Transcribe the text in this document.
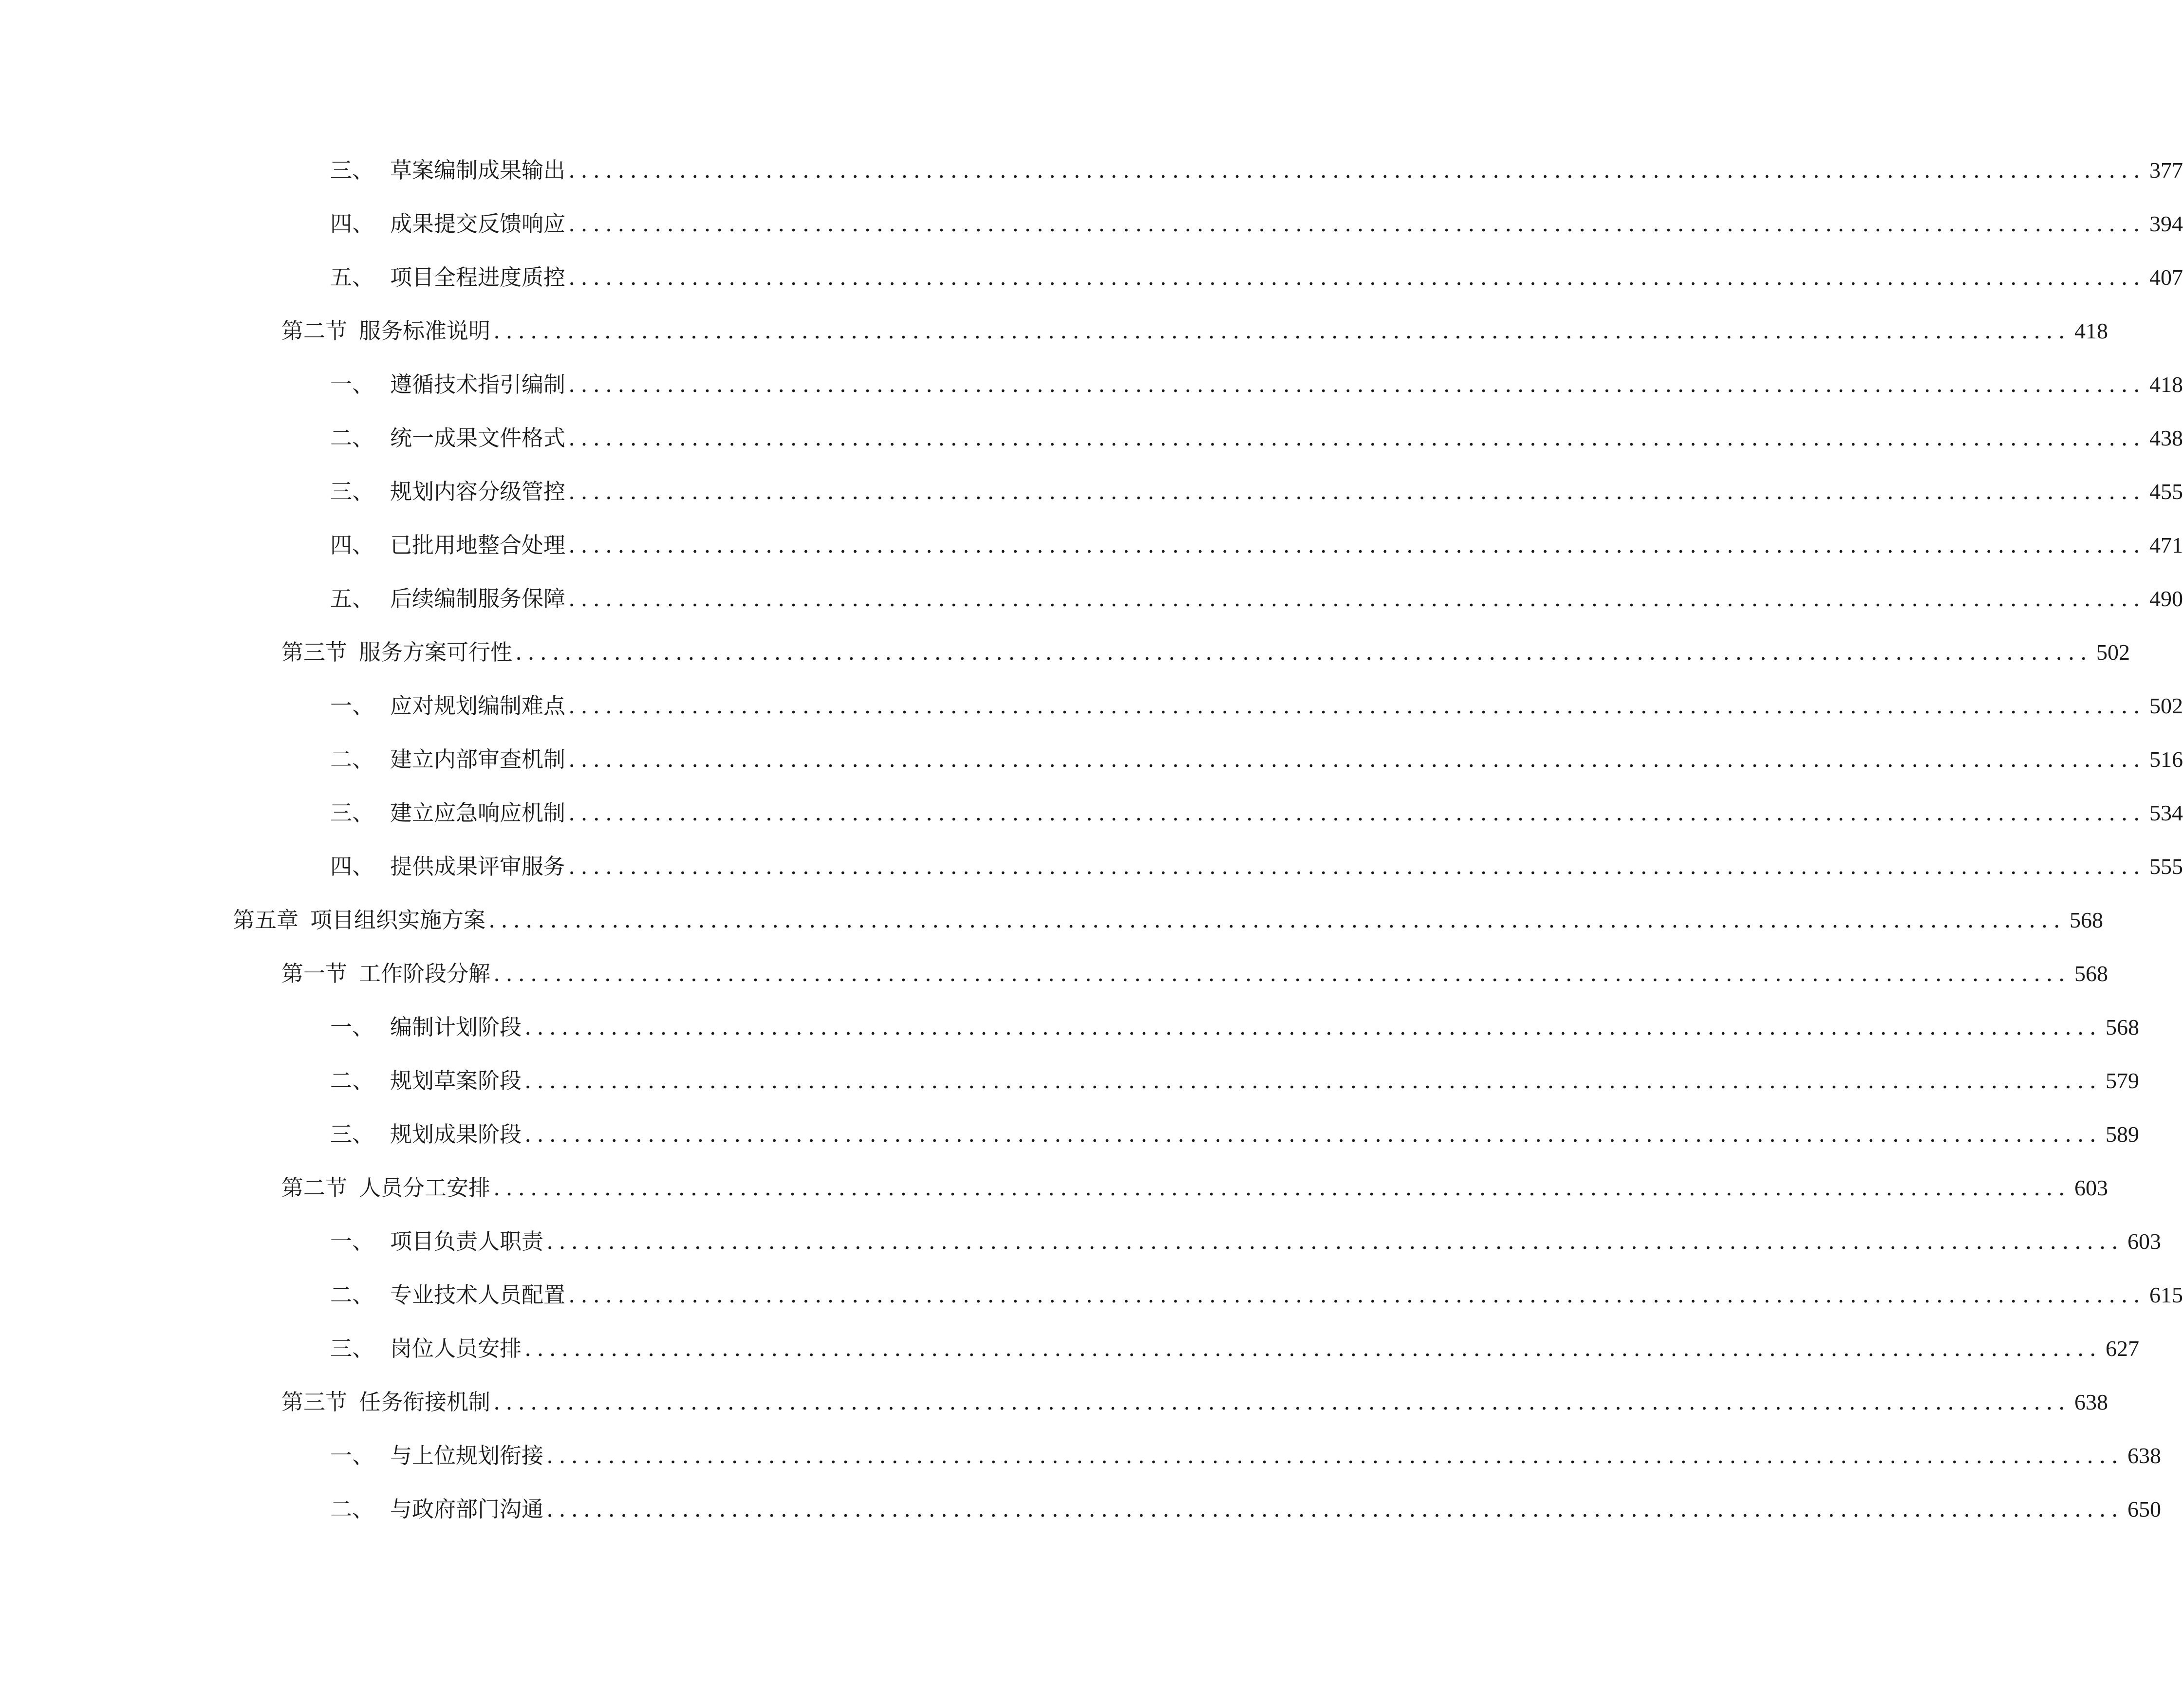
三、 草案编制成果输出 ................................................................................................................................ 377
四、 成果提交反馈响应 ................................................................................................................................ 394
五、 项目全程进度质控 ................................................................................................................................ 407
第二节 服务标准说明 ................................................................................................................................ 418
一、 遵循技术指引编制 ................................................................................................................................ 418
二、 统一成果文件格式 ................................................................................................................................ 438
三、 规划内容分级管控 ................................................................................................................................ 455
四、 已批用地整合处理 ................................................................................................................................ 471
五、 后续编制服务保障 ................................................................................................................................ 490
第三节 服务方案可行性 ................................................................................................................................ 502
一、 应对规划编制难点 ................................................................................................................................ 502
二、 建立内部审查机制 ................................................................................................................................ 516
三、 建立应急响应机制 ................................................................................................................................ 534
四、 提供成果评审服务 ................................................................................................................................ 555
第五章 项目组织实施方案 ................................................................................................................................ 568
第一节 工作阶段分解 ................................................................................................................................ 568
一、 编制计划阶段 ................................................................................................................................ 568
二、 规划草案阶段 ................................................................................................................................ 579
三、 规划成果阶段 ................................................................................................................................ 589
第二节 人员分工安排 ................................................................................................................................ 603
一、 项目负责人职责 ................................................................................................................................ 603
二、 专业技术人员配置 ................................................................................................................................ 615
三、 岗位人员安排 ................................................................................................................................ 627
第三节 任务衔接机制 ................................................................................................................................ 638
一、 与上位规划衔接 ................................................................................................................................ 638
二、 与政府部门沟通 ................................................................................................................................ 650
